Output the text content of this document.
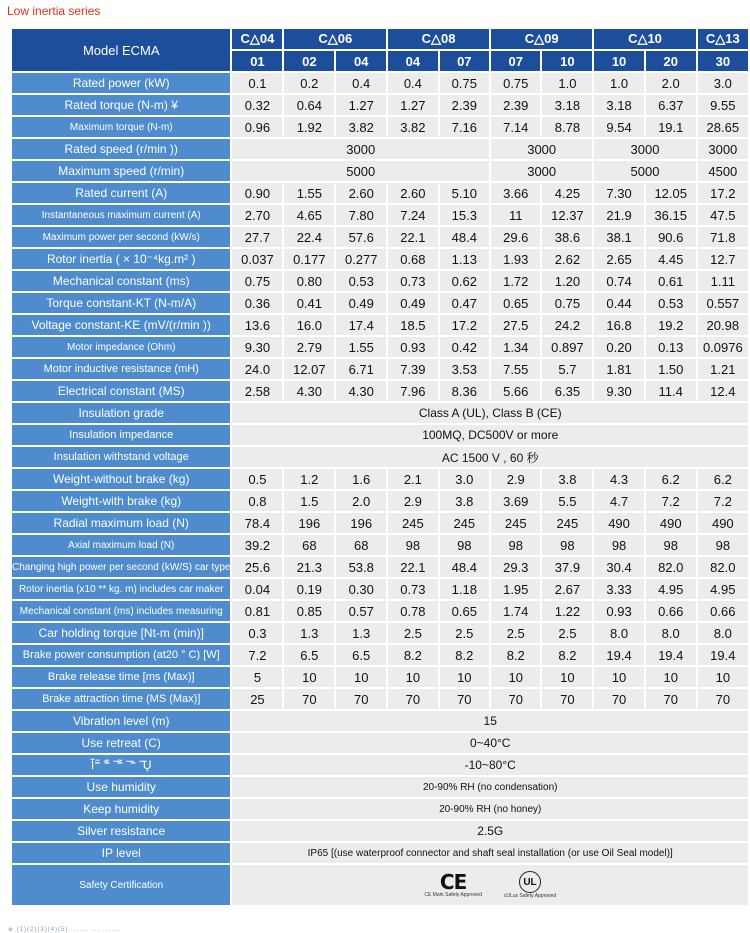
Low inertia series
Model ECMA	C△04	C△06		C△08		C△09		C△10		C△13
	01	02	04	04	07	07	10	10	20	30
Rated power (kW)	0.1	0.2	0.4	0.4	0.75	0.75	1.0	1.0	2.0	3.0
Rated torque (N-m) ¥	0.32	0.64	1.27	1.27	2.39	2.39	3.18	3.18	6.37	9.55
Maximum torque (N-m)	0.96	1.92	3.82	3.82	7.16	7.14	8.78	9.54	19.1	28.65
Rated speed (r/min ))	3000					3000		3000		3000
Maximum speed (r/min)	5000					3000		5000		4500
Rated current (A)	0.90	1.55	2.60	2.60	5.10	3.66	4.25	7.30	12.05	17.2
Instantaneous maximum current (A)	2.70	4.65	7.80	7.24	15.3	11	12.37	21.9	36.15	47.5
Maximum power per second (kW/s)	27.7	22.4	57.6	22.1	48.4	29.6	38.6	38.1	90.6	71.8
Rotor inertia ( × 10⁻⁴kg.m² )	0.037	0.177	0.277	0.68	1.13	1.93	2.62	2.65	4.45	12.7
Mechanical constant (ms)	0.75	0.80	0.53	0.73	0.62	1.72	1.20	0.74	0.61	1.11
Torque constant-KT (N-m/A)	0.36	0.41	0.49	0.49	0.47	0.65	0.75	0.44	0.53	0.557
Voltage constant-KE (mV/(r/min ))	13.6	16.0	17.4	18.5	17.2	27.5	24.2	16.8	19.2	20.98
Motor impedance (Ohm)	9.30	2.79	1.55	0.93	0.42	1.34	0.897	0.20	0.13	0.0976
Motor inductive resistance (mH)	24.0	12.07	6.71	7.39	3.53	7.55	5.7	1.81	1.50	1.21
Electrical constant (MS)	2.58	4.30	4.30	7.96	8.36	5.66	6.35	9.30	11.4	12.4
Insulation grade	Class A (UL), Class B (CE)									
Insulation impedance	100MQ, DC500V or more									
Insulation withstand voltage	AC 1500 V , 60 秒									
Weight-without brake (kg)	0.5	1.2	1.6	2.1	3.0	2.9	3.8	4.3	6.2	6.2
Weight-with brake (kg)	0.8	1.5	2.0	2.9	3.8	3.69	5.5	4.7	7.2	7.2
Radial maximum load (N)	78.4	196	196	245	245	245	245	490	490	490
Axial maximum load (N)	39.2	68	68	98	98	98	98	98	98	98
Changing high power per second (kW/S) car type	25.6	21.3	53.8	22.1	48.4	29.3	37.9	30.4	82.0	82.0
Rotor inertia (x10 ** kg. m) includes car maker	0.04	0.19	0.30	0.73	1.18	1.95	2.67	3.33	4.95	4.95
Mechanical constant (ms) includes measuring	0.81	0.85	0.57	0.78	0.65	1.74	1.22	0.93	0.66	0.66
Car holding torque [Nt-m (min)]	0.3	1.3	1.3	2.5	2.5	2.5	2.5	8.0	8.0	8.0
Brake power consumption (at20 ° C) [W]	7.2	6.5	6.5	8.2	8.2	8.2	8.2	19.4	19.4	19.4
Brake release time [ms (Max)]	5	10	10	10	10	10	10	10	10	10
Brake attraction time (MS (Max)]	25	70	70	70	70	70	70	70	70	70
Vibration level (m)	15									
Use retreat (C)	0~40°C									
Ĩ⁼̃ ̃⁼̃ ̃ ̃⁼̃ ̃ ̃⁼ ̃ ̃Ų	-10~80°C									
Use humidity	20-90% RH (no condensation)									
Keep humidity	20-90% RH (no honey)									
Silver resistance	2.5G									
IP level	IP65 [(use waterproof connector and shaft seal installation (or use Oil Seal model)]									
Safety Certification	CE
CE Mark Safety Approved
UL
cULus Safety Approved									
※ (1)(2)(3)(4)(5) ... ... ... ... ...
